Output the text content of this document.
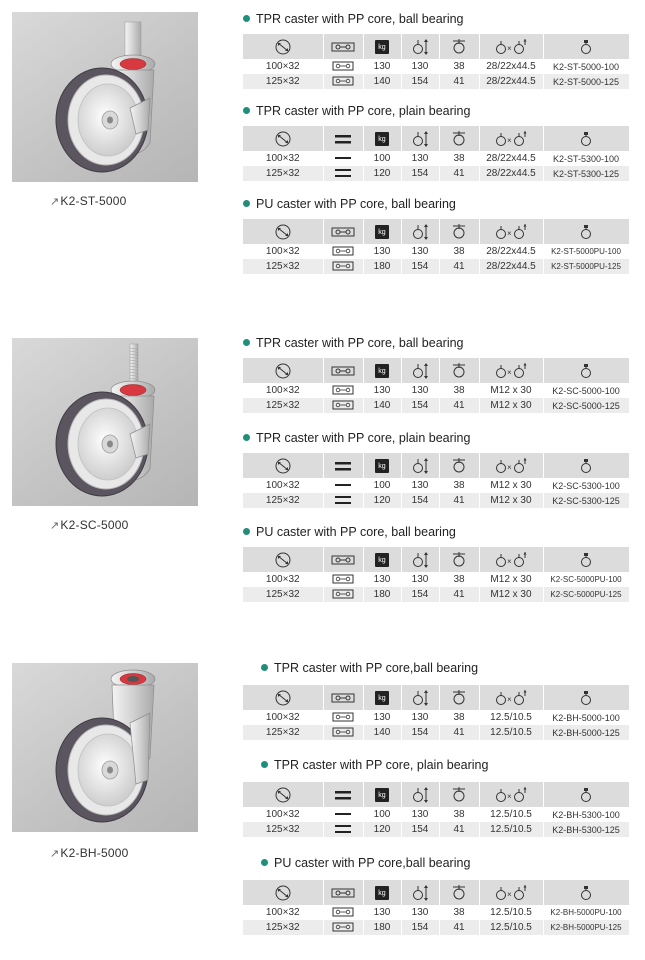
↗K2-ST-5000
↗K2-SC-5000
↗K2-BH-5000
TPR caster with PP core, ball bearing
TPR caster with PP core, plain bearing
PU caster with PP core, ball bearing
TPR caster with PP core, ball bearing
TPR caster with PP core, plain bearing
PU caster with PP core, ball bearing
TPR caster with PP core,ball bearing
TPR caster with PP core, plain bearing
PU caster with PP core,ball bearing
		kg			×

100×32		130	130	38	28/22x44.5	K2-ST-5000-100
125×32		140	154	41	28/22x44.5	K2-ST-5000-125
		kg			×

100×32		100	130	38	28/22x44.5	K2-ST-5300-100
125×32		120	154	41	28/22x44.5	K2-ST-5300-125
		kg			×

100×32		130	130	38	28/22x44.5	K2-ST-5000PU-100
125×32		180	154	41	28/22x44.5	K2-ST-5000PU-125
		kg			×

100×32		130	130	38	M12 x 30	K2-SC-5000-100
125×32		140	154	41	M12 x 30	K2-SC-5000-125
		kg			×

100×32		100	130	38	M12 x 30	K2-SC-5300-100
125×32		120	154	41	M12 x 30	K2-SC-5300-125
		kg			×

100×32		130	130	38	M12 x 30	K2-SC-5000PU-100
125×32		180	154	41	M12 x 30	K2-SC-5000PU-125
		kg			×

100×32		130	130	38	12.5/10.5	K2-BH-5000-100
125×32		140	154	41	12.5/10.5	K2-BH-5000-125
		kg			×

100×32		100	130	38	12.5/10.5	K2-BH-5300-100
125×32		120	154	41	12.5/10.5	K2-BH-5300-125
		kg			×

100×32		130	130	38	12.5/10.5	K2-BH-5000PU-100
125×32		180	154	41	12.5/10.5	K2-BH-5000PU-125
